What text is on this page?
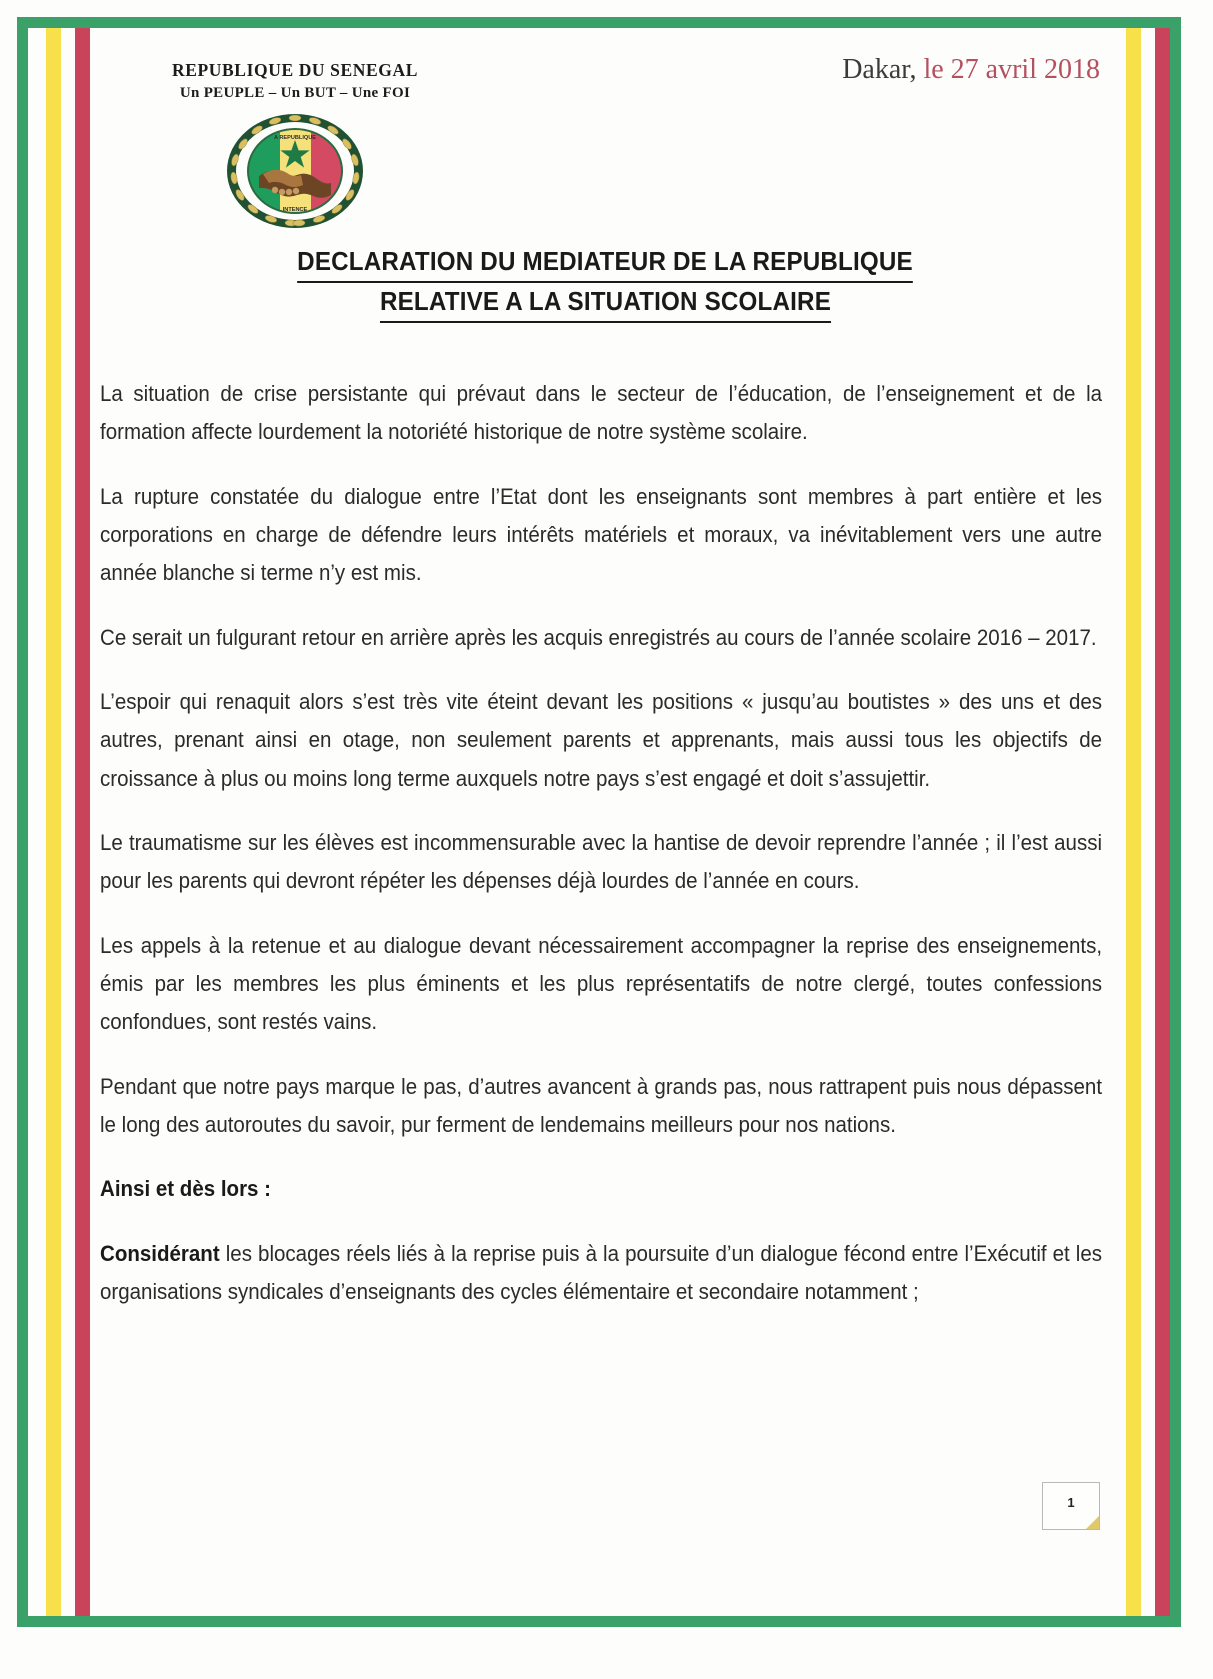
REPUBLIQUE DU SENEGAL
Un PEUPLE – Un BUT – Une FOI
A REPUBLIQUE
INTENCE
Dakar, le 27 avril 2018
DECLARATION DU MEDIATEUR DE LA REPUBLIQUE
RELATIVE A LA SITUATION SCOLAIRE

La situation de crise persistante qui prévaut dans le secteur de l’éducation, de l’enseignement et de la formation affecte lourdement la notoriété historique de notre système scolaire.

La rupture constatée du dialogue entre l’Etat dont les enseignants sont membres à part entière et les corporations en charge de défendre leurs intérêts matériels et moraux, va inévitablement vers une autre année blanche si terme n’y est mis.

Ce serait un fulgurant retour en arrière après les acquis enregistrés au cours de l’année scolaire 2016 – 2017.

L’espoir qui renaquit alors s’est très vite éteint devant les positions « jusqu’au boutistes » des uns et des autres, prenant ainsi en otage, non seulement parents et apprenants, mais aussi tous les objectifs de croissance à plus ou moins long terme auxquels notre pays s’est engagé et doit s’assujettir.

Le traumatisme sur les élèves est incommensurable avec la hantise de devoir reprendre l’année ; il l’est aussi pour les parents qui devront répéter les dépenses déjà lourdes de l’année en cours.

Les appels à la retenue et au dialogue devant nécessairement accompagner la reprise des enseignements, émis par les membres les plus éminents et les plus représentatifs de notre clergé, toutes confessions confondues, sont restés vains.

Pendant que notre pays marque le pas, d’autres avancent à grands pas, nous rattrapent puis nous dépassent le long des autoroutes du savoir, pur ferment de lendemains meilleurs pour nos nations.

Ainsi et dès lors :

Considérant les blocages réels liés à la reprise puis à la poursuite d’un dialogue fécond entre l’Exécutif et les organisations syndicales d’enseignants des cycles élémentaire et secondaire notamment ;

1
